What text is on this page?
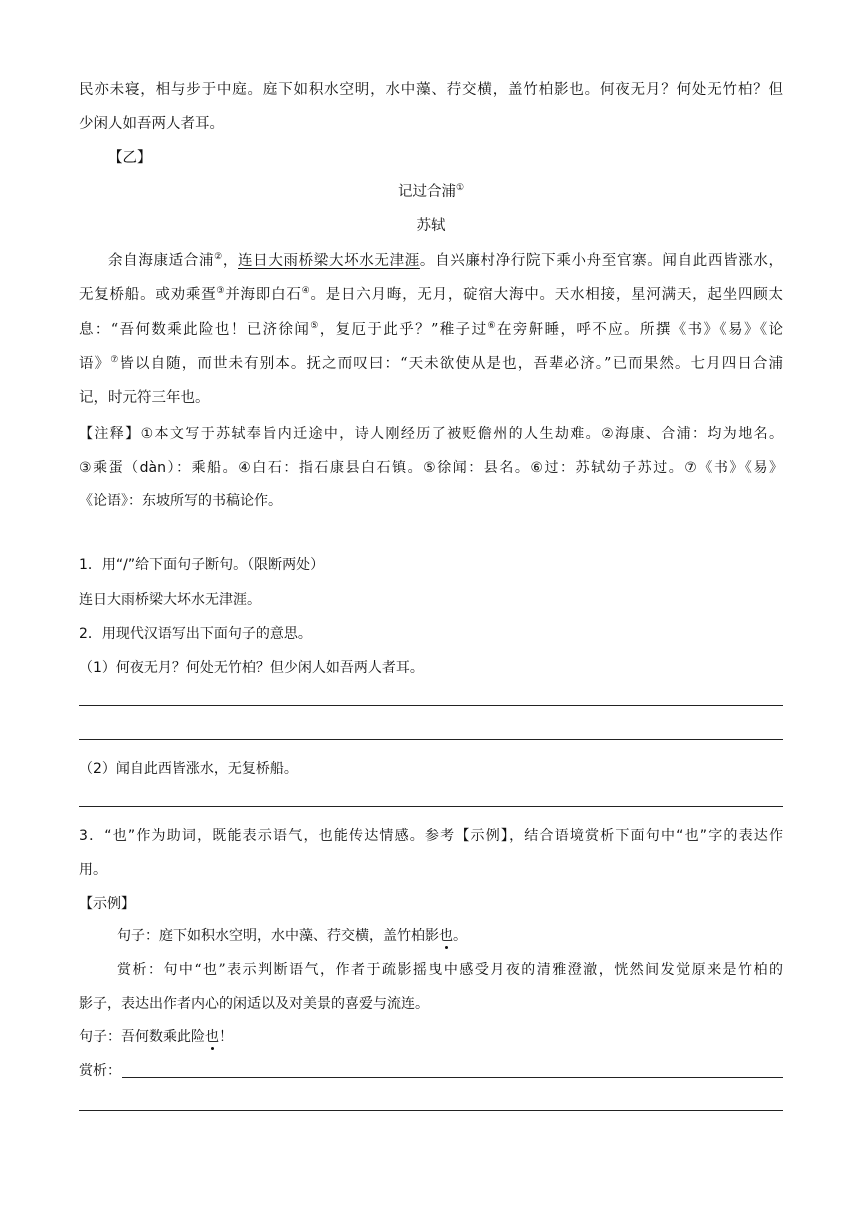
民亦未寝，相与步于中庭。庭下如积水空明，水中藻、荇交横，盖竹柏影也。何夜无月？何处无竹柏？但
少闲人如吾两人者耳。
【乙】
记过合浦①
苏轼
余自海康适合浦②，连日大雨桥梁大坏水无津涯。自兴廉村净行院下乘小舟至官寨。闻自此西皆涨水，
无复桥船。或劝乘疍③并海即白石④。是日六月晦，无月，碇宿大海中。天水相接，星河满天，起坐四顾太
息：“吾何数乘此险也！已济徐闻⑤，复厄于此乎？”稚子过⑥在旁鼾睡，呼不应。所撰《书》《易》《论
语》⑦皆以自随，而世未有别本。抚之而叹曰：“天未欲使从是也，吾辈必济。”已而果然。七月四日合浦
记，时元符三年也。
【注释】①本文写于苏轼奉旨内迁途中，诗人刚经历了被贬儋州的人生劫难。②海康、合浦：均为地名。
③乘蛋（dàn）：乘船。④白石：指石康县白石镇。⑤徐闻：县名。⑥过：苏轼幼子苏过。⑦《书》《易》
《论语》：东坡所写的书稿论作。
1．用“/”给下面句子断句。（限断两处）
连日大雨桥梁大坏水无津涯。
2．用现代汉语写出下面句子的意思。
（1）何夜无月？何处无竹柏？但少闲人如吾两人者耳。
（2）闻自此西皆涨水，无复桥船。
3．“也”作为助词，既能表示语气，也能传达情感。参考【示例】，结合语境赏析下面句中“也”字的表达作
用。
【示例】
句子：庭下如积水空明，水中藻、荇交横，盖竹柏影也。
赏析：句中“也”表示判断语气，作者于疏影摇曳中感受月夜的清雅澄澈，恍然间发觉原来是竹柏的
影子，表达出作者内心的闲适以及对美景的喜爱与流连。
句子：吾何数乘此险也！
赏析：
